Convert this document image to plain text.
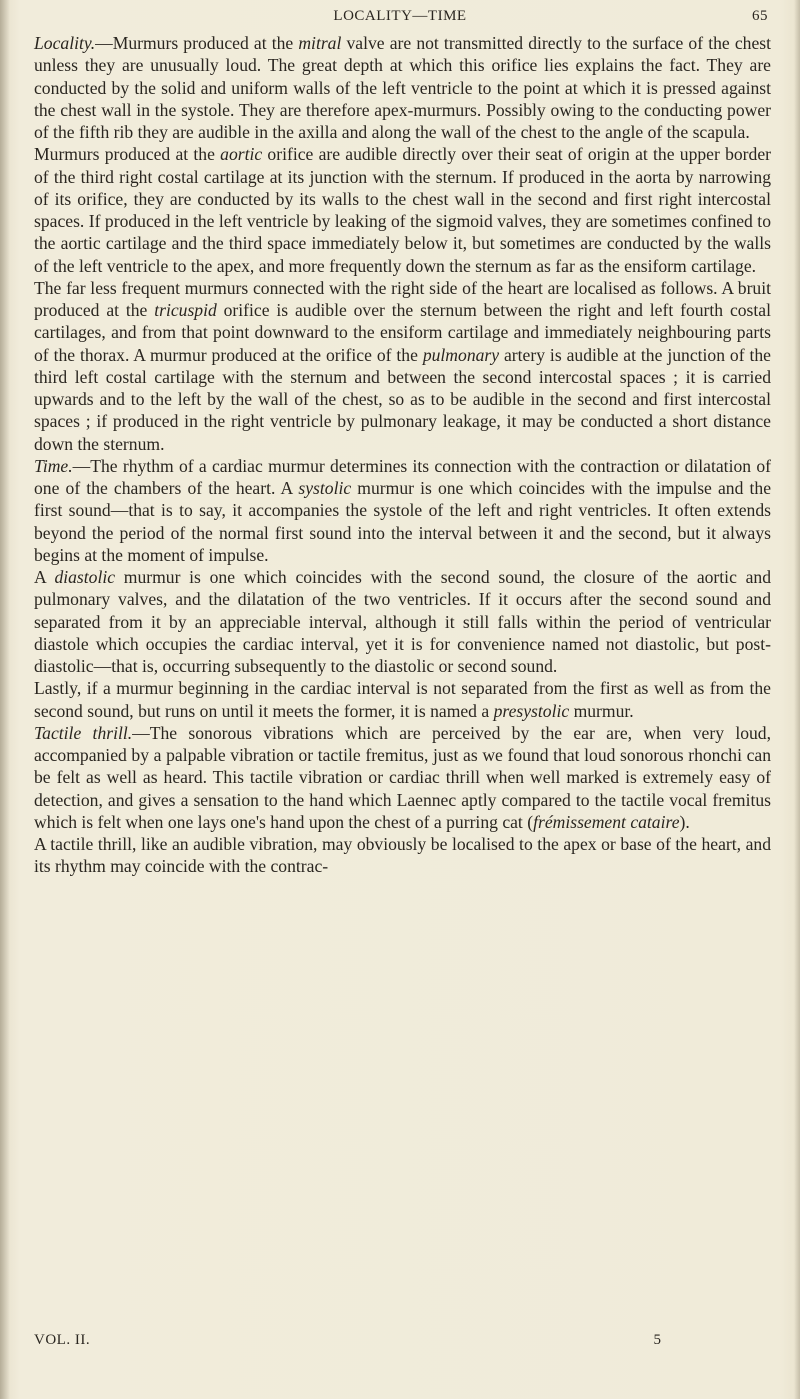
LOCALITY—TIME	65

Locality.—Murmurs produced at the mitral valve are not transmitted directly to the surface of the chest unless they are unusually loud. The great depth at which this orifice lies explains the fact. They are conducted by the solid and uniform walls of the left ventricle to the point at which it is pressed against the chest wall in the systole. They are therefore apex-murmurs. Possibly owing to the conducting power of the fifth rib they are audible in the axilla and along the wall of the chest to the angle of the scapula.

Murmurs produced at the aortic orifice are audible directly over their seat of origin at the upper border of the third right costal cartilage at its junction with the sternum. If produced in the aorta by narrowing of its orifice, they are conducted by its walls to the chest wall in the second and first right intercostal spaces. If produced in the left ventricle by leaking of the sigmoid valves, they are sometimes confined to the aortic cartilage and the third space immediately below it, but sometimes are conducted by the walls of the left ventricle to the apex, and more frequently down the sternum as far as the ensiform cartilage.

The far less frequent murmurs connected with the right side of the heart are localised as follows. A bruit produced at the tricuspid orifice is audible over the sternum between the right and left fourth costal cartilages, and from that point downward to the ensiform cartilage and immediately neighbouring parts of the thorax. A murmur produced at the orifice of the pulmonary artery is audible at the junction of the third left costal cartilage with the sternum and between the second intercostal spaces ; it is carried upwards and to the left by the wall of the chest, so as to be audible in the second and first intercostal spaces ; if produced in the right ventricle by pulmonary leakage, it may be conducted a short distance down the sternum.

Time.—The rhythm of a cardiac murmur determines its connection with the contraction or dilatation of one of the chambers of the heart. A systolic murmur is one which coincides with the impulse and the first sound—that is to say, it accompanies the systole of the left and right ventricles. It often extends beyond the period of the normal first sound into the interval between it and the second, but it always begins at the moment of impulse.

A diastolic murmur is one which coincides with the second sound, the closure of the aortic and pulmonary valves, and the dilatation of the two ventricles. If it occurs after the second sound and separated from it by an appreciable interval, although it still falls within the period of ventricular diastole which occupies the cardiac interval, yet it is for convenience named not diastolic, but post-diastolic—that is, occurring subsequently to the diastolic or second sound.

Lastly, if a murmur beginning in the cardiac interval is not separated from the first as well as from the second sound, but runs on until it meets the former, it is named a presystolic murmur.

Tactile thrill.—The sonorous vibrations which are perceived by the ear are, when very loud, accompanied by a palpable vibration or tactile fremitus, just as we found that loud sonorous rhonchi can be felt as well as heard. This tactile vibration or cardiac thrill when well marked is extremely easy of detection, and gives a sensation to the hand which Laennec aptly compared to the tactile vocal fremitus which is felt when one lays one's hand upon the chest of a purring cat (frémissement cataire).

A tactile thrill, like an audible vibration, may obviously be localised to the apex or base of the heart, and its rhythm may coincide with the contrac-

VOL. II.	5
